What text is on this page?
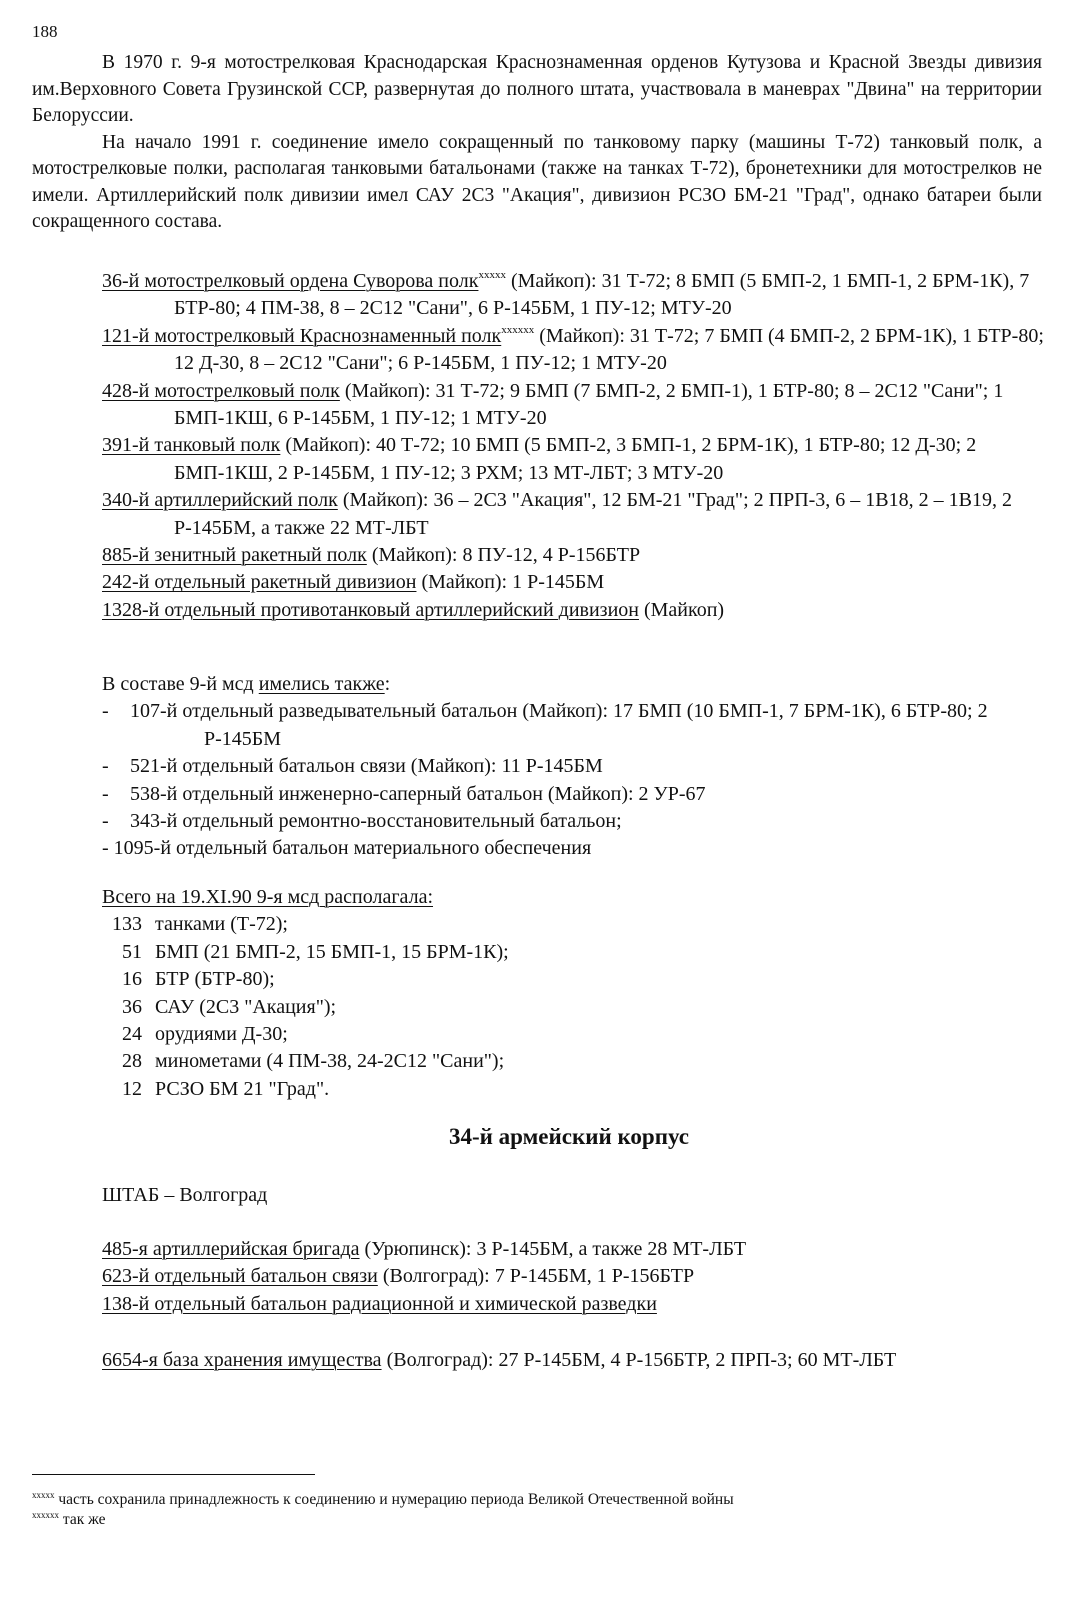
188

В 1970 г. 9-я мотострелковая Краснодарская Краснознаменная орденов Кутузова и Красной Звезды дивизия им.Верховного Совета Грузинской ССР, развернутая до полного штата, участвовала в маневрах "Двина" на территории Белоруссии.

На начало 1991 г. соединение имело сокращенный по танковому парку (машины Т-72) танковый полк, а мотострелковые полки, располагая танковыми батальонами (также на танках Т-72), бронетехники для мотострелков не имели. Артиллерийский полк дивизии имел САУ 2С3 "Акация", дивизион РСЗО БМ-21 "Град", однако батареи были сокращенного состава.

36-й мотострелковый ордена Суворова полк$^{xxxxx}$ (Майкоп): 31 Т-72; 8 БМП (5 БМП-2, 1 БМП-1, 2 БРМ-1К), 7 БТР-80; 4 ПМ-38, 8 – 2С12 "Сани", 6 Р-145БМ, 1 ПУ-12; МТУ-20

121-й мотострелковый Краснознаменный полк$^{xxxxxx}$ (Майкоп): 31 Т-72; 7 БМП (4 БМП-2, 2 БРМ-1К), 1 БТР-80; 12 Д-30, 8 – 2С12 "Сани"; 6 Р-145БМ, 1 ПУ-12; 1 МТУ-20

428-й мотострелковый полк (Майкоп): 31 Т-72; 9 БМП (7 БМП-2, 2 БМП-1), 1 БТР-80; 8 – 2С12 "Сани"; 1 БМП-1КШ, 6 Р-145БМ, 1 ПУ-12; 1 МТУ-20

391-й танковый полк (Майкоп): 40 Т-72; 10 БМП (5 БМП-2, 3 БМП-1, 2 БРМ-1К), 1 БТР-80; 12 Д-30; 2 БМП-1КШ, 2 Р-145БМ, 1 ПУ-12; 3 РХМ; 13 МТ-ЛБТ; 3 МТУ-20

340-й артиллерийский полк (Майкоп): 36 – 2С3 "Акация", 12 БМ-21 "Град"; 2 ПРП-3, 6 – 1В18, 2 – 1В19, 2 Р-145БМ, а также 22 МТ-ЛБТ

885-й зенитный ракетный полк (Майкоп): 8 ПУ-12, 4 Р-156БТР

242-й отдельный ракетный дивизион (Майкоп): 1 Р-145БМ

1328-й отдельный противотанковый артиллерийский дивизион (Майкоп)

В составе 9-й мсд имелись также:

- 107-й отдельный разведывательный батальон (Майкоп): 17 БМП (10 БМП-1, 7 БРМ-1К), 6 БТР-80; 2 Р-145БМ

- 521-й отдельный батальон связи (Майкоп): 11 Р-145БМ

- 538-й отдельный инженерно-саперный батальон (Майкоп): 2 УР-67

- 343-й отдельный ремонтно-восстановительный батальон;

- 1095-й отдельный батальон материального обеспечения

Всего на 19.XI.90 9-я мсд располагала:

133 танками (Т-72);

51 БМП (21 БМП-2, 15 БМП-1, 15 БРМ-1К);

16 БТР (БТР-80);

36 САУ (2С3 "Акация");

24 орудиями Д-30;

28 минометами (4 ПМ-38, 24-2С12 "Сани");

12 РСЗО БМ 21 "Град".

34-й армейский корпус

ШТАБ – Волгоград

485-я артиллерийская бригада (Урюпинск): 3 Р-145БМ, а также 28 МТ-ЛБТ

623-й отдельный батальон связи (Волгоград): 7 Р-145БМ, 1 Р-156БТР

138-й отдельный батальон радиационной и химической разведки

6654-я база хранения имущества (Волгоград): 27 Р-145БМ, 4 Р-156БТР, 2 ПРП-3; 60 МТ-ЛБТ

$^{xxxxx}$ часть сохранила принадлежность к соединению и нумерацию периода Великой Отечественной войны

$^{xxxxxx}$ так же
